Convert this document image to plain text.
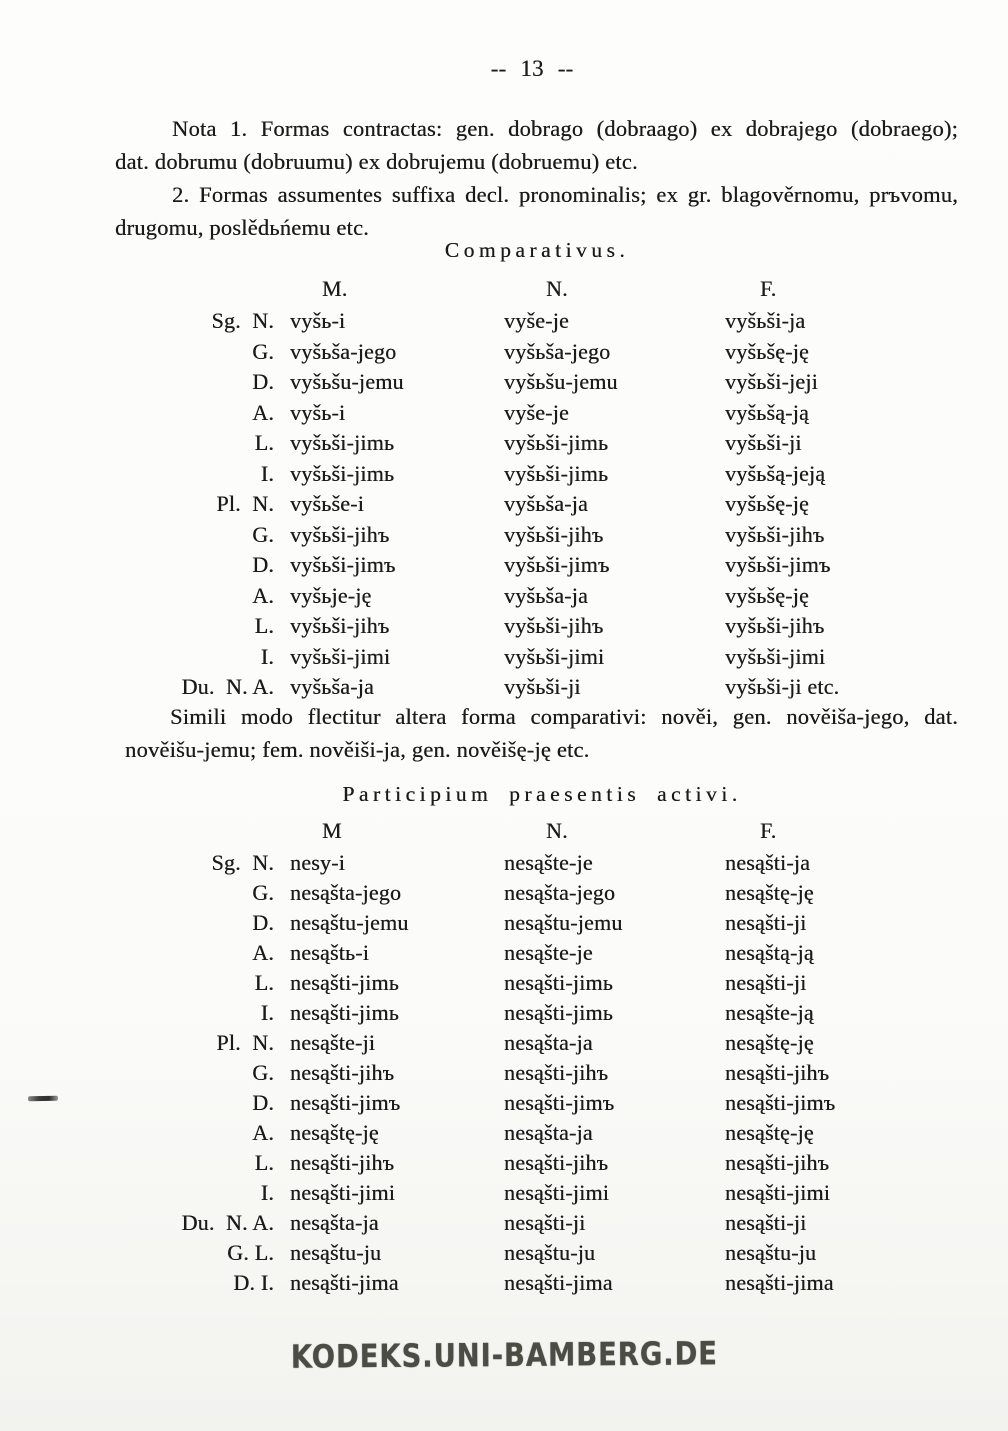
-- 13 --
Nota 1. Formas contractas: gen. dobrago (dobraago) ex dobrajego (dobraego);
dat. dobrumu (dobruumu) ex dobrujemu (dobruemu) etc.
2. Formas assumentes suffixa decl. pronominalis; ex gr. blagověrnomu, prъvomu,
drugomu, poslědьńemu etc.
Comparativus.
M.	N.	F.
Sg.  N. vyšь-i	vyše-je	vyšьši-ja
G. vyšьša-jego	vyšьša-jego	vyšьšę-ję
D. vyšьšu-jemu	vyšьšu-jemu	vyšьši-jeji
A. vyšь-i	vyše-je	vyšьšą-ją
L. vyšьši-jimь	vyšьši-jimь	vyšьši-ji
I. vyšьši-jimь	vyšьši-jimь	vyšьšą-jeją
Pl.  N. vyšьše-i	vyšьša-ja	vyšьšę-ję
G. vyšьši-jihъ	vyšьši-jihъ	vyšьši-jihъ
D. vyšьši-jimъ	vyšьši-jimъ	vyšьši-jimъ
A. vyšьje-ję	vyšьša-ja	vyšьšę-ję
L. vyšьši-jihъ	vyšьši-jihъ	vyšьši-jihъ
I. vyšьši-jimi	vyšьši-jimi	vyšьši-jimi
Du.  N. A. vyšьša-ja	vyšьši-ji	vyšьši-ji etc.
Simili modo flectitur altera forma comparativi: nověi, gen. nověiša-jego, dat.
nověišu-jemu; fem. nověiši-ja, gen. nověišę-ję etc.
Participium praesentis activi.
M	N.	F.
Sg.  N. nesy-i	nesąšte-je	nesąšti-ja
G. nesąšta-jego	nesąšta-jego	nesąštę-ję
D. nesąštu-jemu	nesąštu-jemu	nesąšti-ji
A. nesąštь-i	nesąšte-je	nesąštą-ją
L. nesąšti-jimь	nesąšti-jimь	nesąšti-ji
I. nesąšti-jimь	nesąšti-jimь	nesąšte-ją
Pl.  N. nesąšte-ji	nesąšta-ja	nesąštę-ję
G. nesąšti-jihъ	nesąšti-jihъ	nesąšti-jihъ
D. nesąšti-jimъ	nesąšti-jimъ	nesąšti-jimъ
A. nesąštę-ję	nesąšta-ja	nesąštę-ję
L. nesąšti-jihъ	nesąšti-jihъ	nesąšti-jihъ
I. nesąšti-jimi	nesąšti-jimi	nesąšti-jimi
Du.  N. A. nesąšta-ja	nesąšti-ji	nesąšti-ji
G. L. nesąštu-ju	nesąštu-ju	nesąštu-ju
D. I. nesąšti-jima	nesąšti-jima	nesąšti-jima
KODEKS.UNI-BAMBERG.DE
